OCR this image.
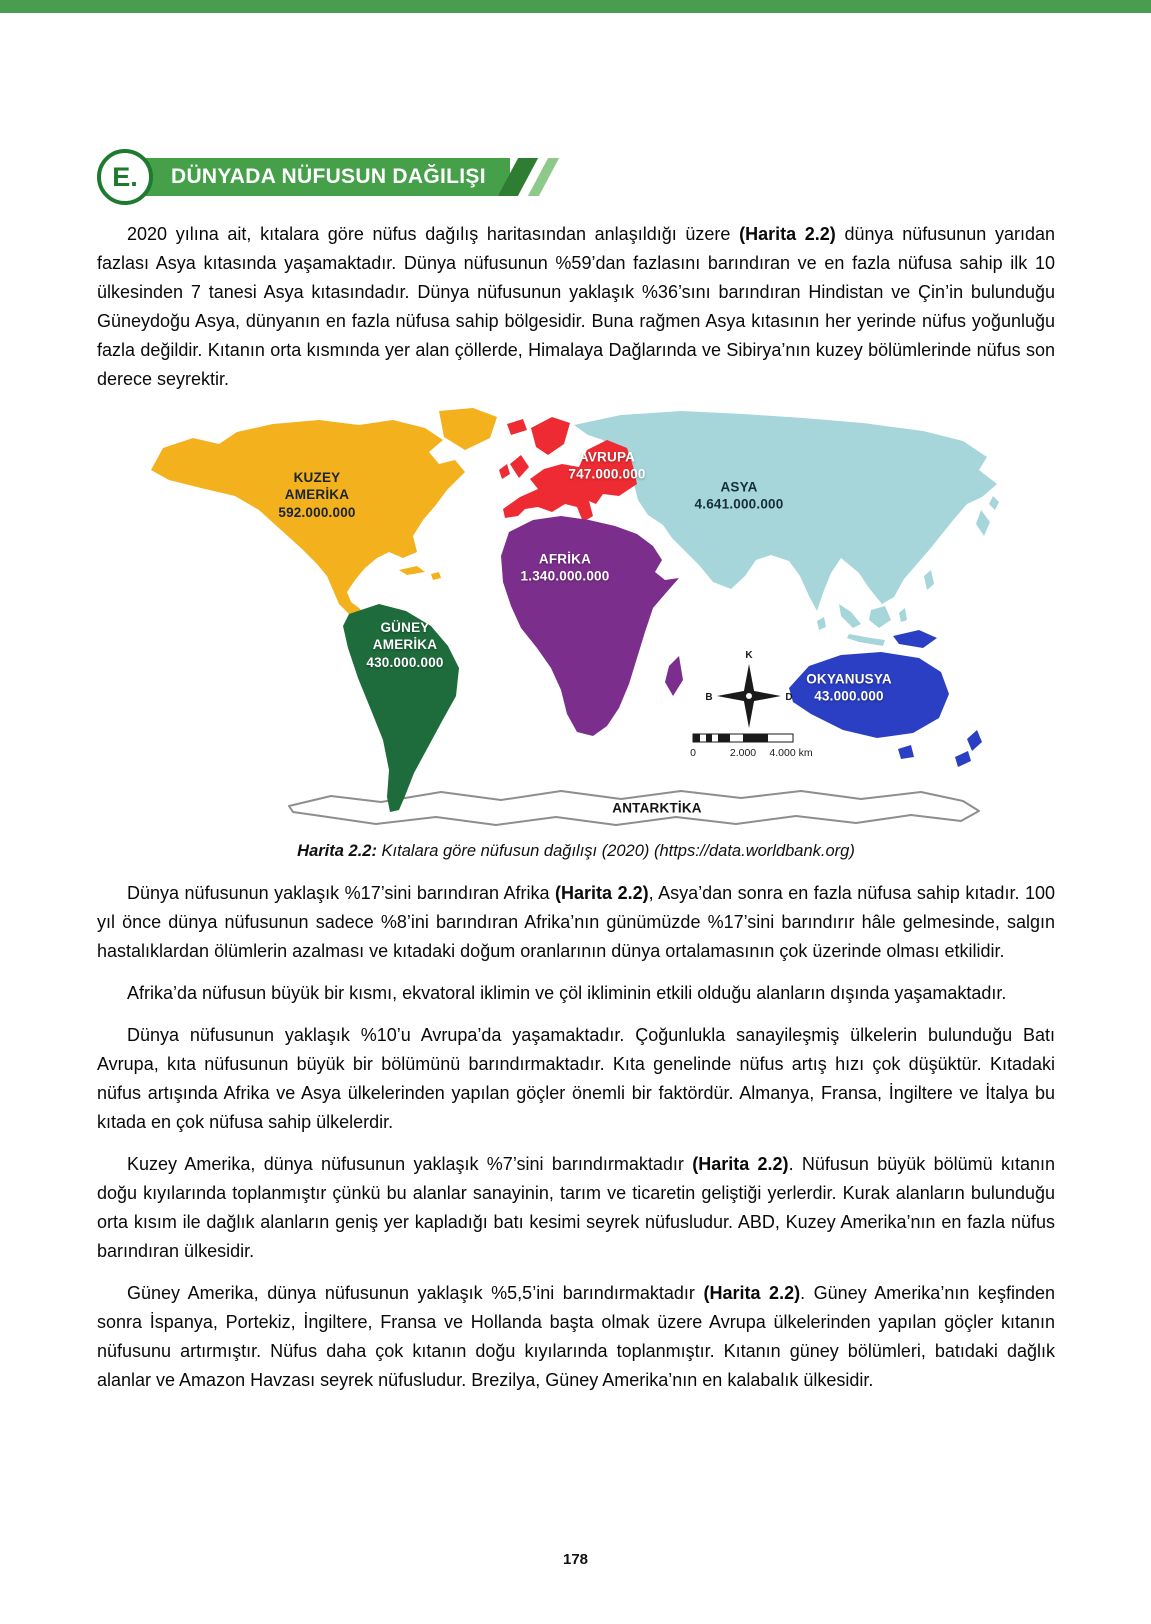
E. DÜNYADA NÜFUSUN DAĞILIŞI

2020 yılına ait, kıtalara göre nüfus dağılış haritasından anlaşıldığı üzere (Harita 2.2) dünya nüfusunun yarıdan fazlası Asya kıtasında yaşamaktadır. Dünya nüfusunun %59’dan fazlasını barındıran ve en fazla nüfusa sahip ilk 10 ülkesinden 7 tanesi Asya kıtasındadır. Dünya nüfusunun yaklaşık %36’sını barındıran Hindistan ve Çin’in bulunduğu Güneydoğu Asya, dünyanın en fazla nüfusa sahip bölgesidir. Buna rağmen Asya kıtasının her yerinde nüfus yoğunluğu fazla değildir. Kıtanın orta kısmında yer alan çöllerde, Himalaya Dağlarında ve Sibirya’nın kuzey bölümlerinde nüfus son derece seyrektir.

K
D
B
0	2.000 4.000 km
KUZEY
AMERİKA
592.000.000
AVRUPA
747.000.000
ASYA
4.641.000.000
AFRİKA
1.340.000.000
GÜNEY
AMERİKA
430.000.000
OKYANUSYA
43.000.000
ANTARKTİKA
Harita 2.2: Kıtalara göre nüfusun dağılışı (2020) (https://data.worldbank.org)

Dünya nüfusunun yaklaşık %17’sini barındıran Afrika (Harita 2.2), Asya’dan sonra en fazla nüfusa sahip kıtadır. 100 yıl önce dünya nüfusunun sadece %8’ini barındıran Afrika’nın günümüzde %17’sini barındırır hâle gelmesinde, salgın hastalıklardan ölümlerin azalması ve kıtadaki doğum oranlarının dünya ortalamasının çok üzerinde olması etkilidir.

Afrika’da nüfusun büyük bir kısmı, ekvatoral iklimin ve çöl ikliminin etkili olduğu alanların dışında yaşamaktadır.

Dünya nüfusunun yaklaşık %10’u Avrupa’da yaşamaktadır. Çoğunlukla sanayileşmiş ülkelerin bulunduğu Batı Avrupa, kıta nüfusunun büyük bir bölümünü barındırmaktadır. Kıta genelinde nüfus artış hızı çok düşüktür. Kıtadaki nüfus artışında Afrika ve Asya ülkelerinden yapılan göçler önemli bir faktördür. Almanya, Fransa, İngiltere ve İtalya bu kıtada en çok nüfusa sahip ülkelerdir.

Kuzey Amerika, dünya nüfusunun yaklaşık %7’sini barındırmaktadır (Harita 2.2). Nüfusun büyük bölümü kıtanın doğu kıyılarında toplanmıştır çünkü bu alanlar sanayinin, tarım ve ticaretin geliştiği yerlerdir. Kurak alanların bulunduğu orta kısım ile dağlık alanların geniş yer kapladığı batı kesimi seyrek nüfusludur. ABD, Kuzey Amerika’nın en fazla nüfus barındıran ülkesidir.

Güney Amerika, dünya nüfusunun yaklaşık %5,5’ini barındırmaktadır (Harita 2.2). Güney Amerika’nın keşfinden sonra İspanya, Portekiz, İngiltere, Fransa ve Hollanda başta olmak üzere Avrupa ülkelerinden yapılan göçler kıtanın nüfusunu artırmıştır. Nüfus daha çok kıtanın doğu kıyılarında toplanmıştır. Kıtanın güney bölümleri, batıdaki dağlık alanlar ve Amazon Havzası seyrek nüfusludur. Brezilya, Güney Amerika’nın en kalabalık ülkesidir.

178
